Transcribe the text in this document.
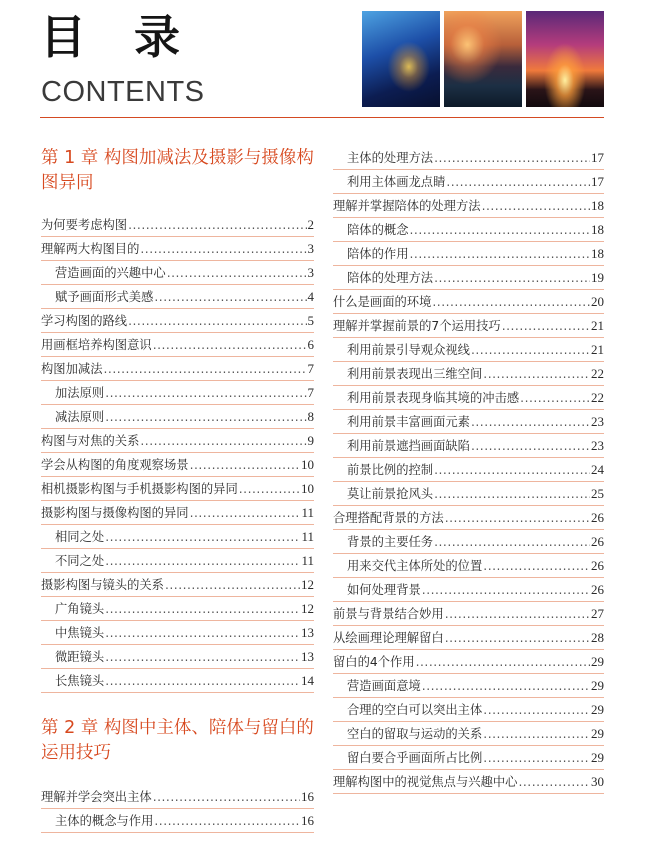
目录
CONTENTS
第 1 章 构图加减法及摄影与摄像构图异同
为何要考虑构图 .....	2
理解两大构图目的 .....	3
营造画面的兴趣中心 .....	3
赋予画面形式美感 .....	4
学习构图的路线 .....	5
用画框培养构图意识 .....	6
构图加减法 .....	7
加法原则 .....	7
减法原则 .....	8
构图与对焦的关系 .....	9
学会从构图的角度观察场景 .....	10
相机摄影构图与手机摄影构图的异同 .....	10
摄影构图与摄像构图的异同 .....	11
相同之处 .....	11
不同之处 .....	11
摄影构图与镜头的关系 .....	12
广角镜头 .....	12
中焦镜头 .....	13
微距镜头 .....	13
长焦镜头 .....	14
第 2 章 构图中主体、陪体与留白的运用技巧
理解并学会突出主体 .....	16
主体的概念与作用 .....	16
主体的处理方法 .....	17
利用主体画龙点睛 .....	17
理解并掌握陪体的处理方法 .....	18
陪体的概念 .....	18
陪体的作用 .....	18
陪体的处理方法 .....	19
什么是画面的环境 .....	20
理解并掌握前景的7个运用技巧 .....	21
利用前景引导观众视线 .....	21
利用前景表现出三维空间 .....	22
利用前景表现身临其境的冲击感 .....	22
利用前景丰富画面元素 .....	23
利用前景遮挡画面缺陷 .....	23
前景比例的控制 .....	24
莫让前景抢风头 .....	25
合理搭配背景的方法 .....	26
背景的主要任务 .....	26
用来交代主体所处的位置 .....	26
如何处理背景 .....	26
前景与背景结合妙用 .....	27
从绘画理论理解留白 .....	28
留白的4个作用 .....	29
营造画面意境 .....	29
合理的空白可以突出主体 .....	29
空白的留取与运动的关系 .....	29
留白要合乎画面所占比例 .....	29
理解构图中的视觉焦点与兴趣中心 .....	30
